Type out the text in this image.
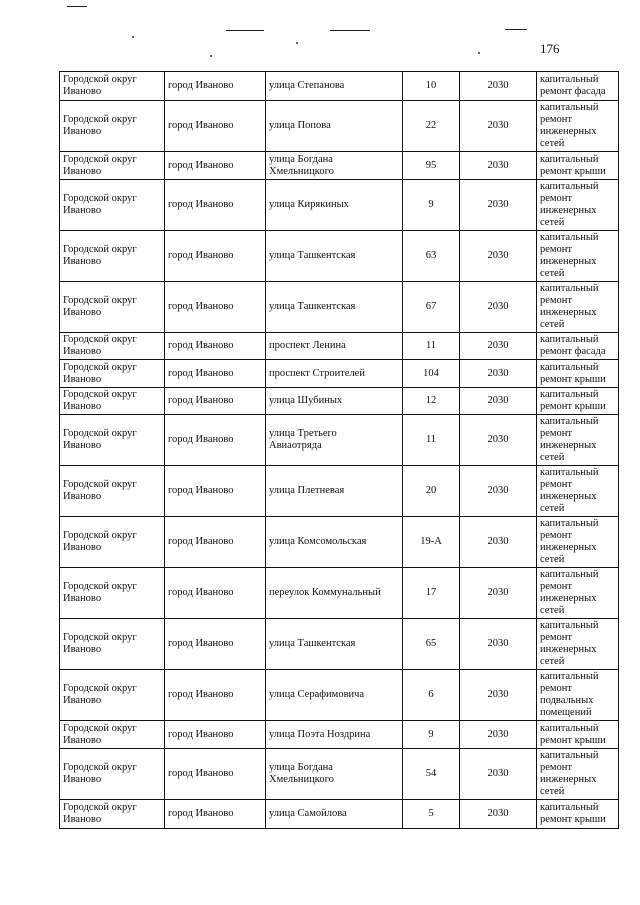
176
Городской округ
Иваново	город Иваново	улица Степанова	10	2030	капитальный
ремонт фасада

Городской округ
Иваново	город Иваново	улица Попова	22	2030	капитальный
ремонт
инженерных
сетей

Городской округ
Иваново	город Иваново	улица Богдана
Хмельницкого	95	2030	капитальный
ремонт крыши

Городской округ
Иваново	город Иваново	улица Кирякиных	9	2030	капитальный
ремонт
инженерных
сетей

Городской округ
Иваново	город Иваново	улица Ташкентская	63	2030	капитальный
ремонт
инженерных
сетей

Городской округ
Иваново	город Иваново	улица Ташкентская	67	2030	капитальный
ремонт
инженерных
сетей

Городской округ
Иваново	город Иваново	проспект Ленина	11	2030	капитальный
ремонт фасада

Городской округ
Иваново	город Иваново	проспект Строителей	104	2030	капитальный
ремонт крыши

Городской округ
Иваново	город Иваново	улица Шубиных	12	2030	капитальный
ремонт крыши

Городской округ
Иваново	город Иваново	улица Третьего
Авиаотряда	11	2030	капитальный
ремонт
инженерных
сетей

Городской округ
Иваново	город Иваново	улица Плетневая	20	2030	капитальный
ремонт
инженерных
сетей

Городской округ
Иваново	город Иваново	улица Комсомольская	19-А	2030	капитальный
ремонт
инженерных
сетей

Городской округ
Иваново	город Иваново	переулок Коммунальный	17	2030	капитальный
ремонт
инженерных
сетей

Городской округ
Иваново	город Иваново	улица Ташкентская	65	2030	капитальный
ремонт
инженерных
сетей

Городской округ
Иваново	город Иваново	улица Серафимовича	6	2030	капитальный
ремонт
подвальных
помещений

Городской округ
Иваново	город Иваново	улица Поэта Ноздрина	9	2030	капитальный
ремонт крыши

Городской округ
Иваново	город Иваново	улица Богдана
Хмельницкого	54	2030	капитальный
ремонт
инженерных
сетей

Городской округ
Иваново	город Иваново	улица Самойлова	5	2030	капитальный
ремонт крыши
